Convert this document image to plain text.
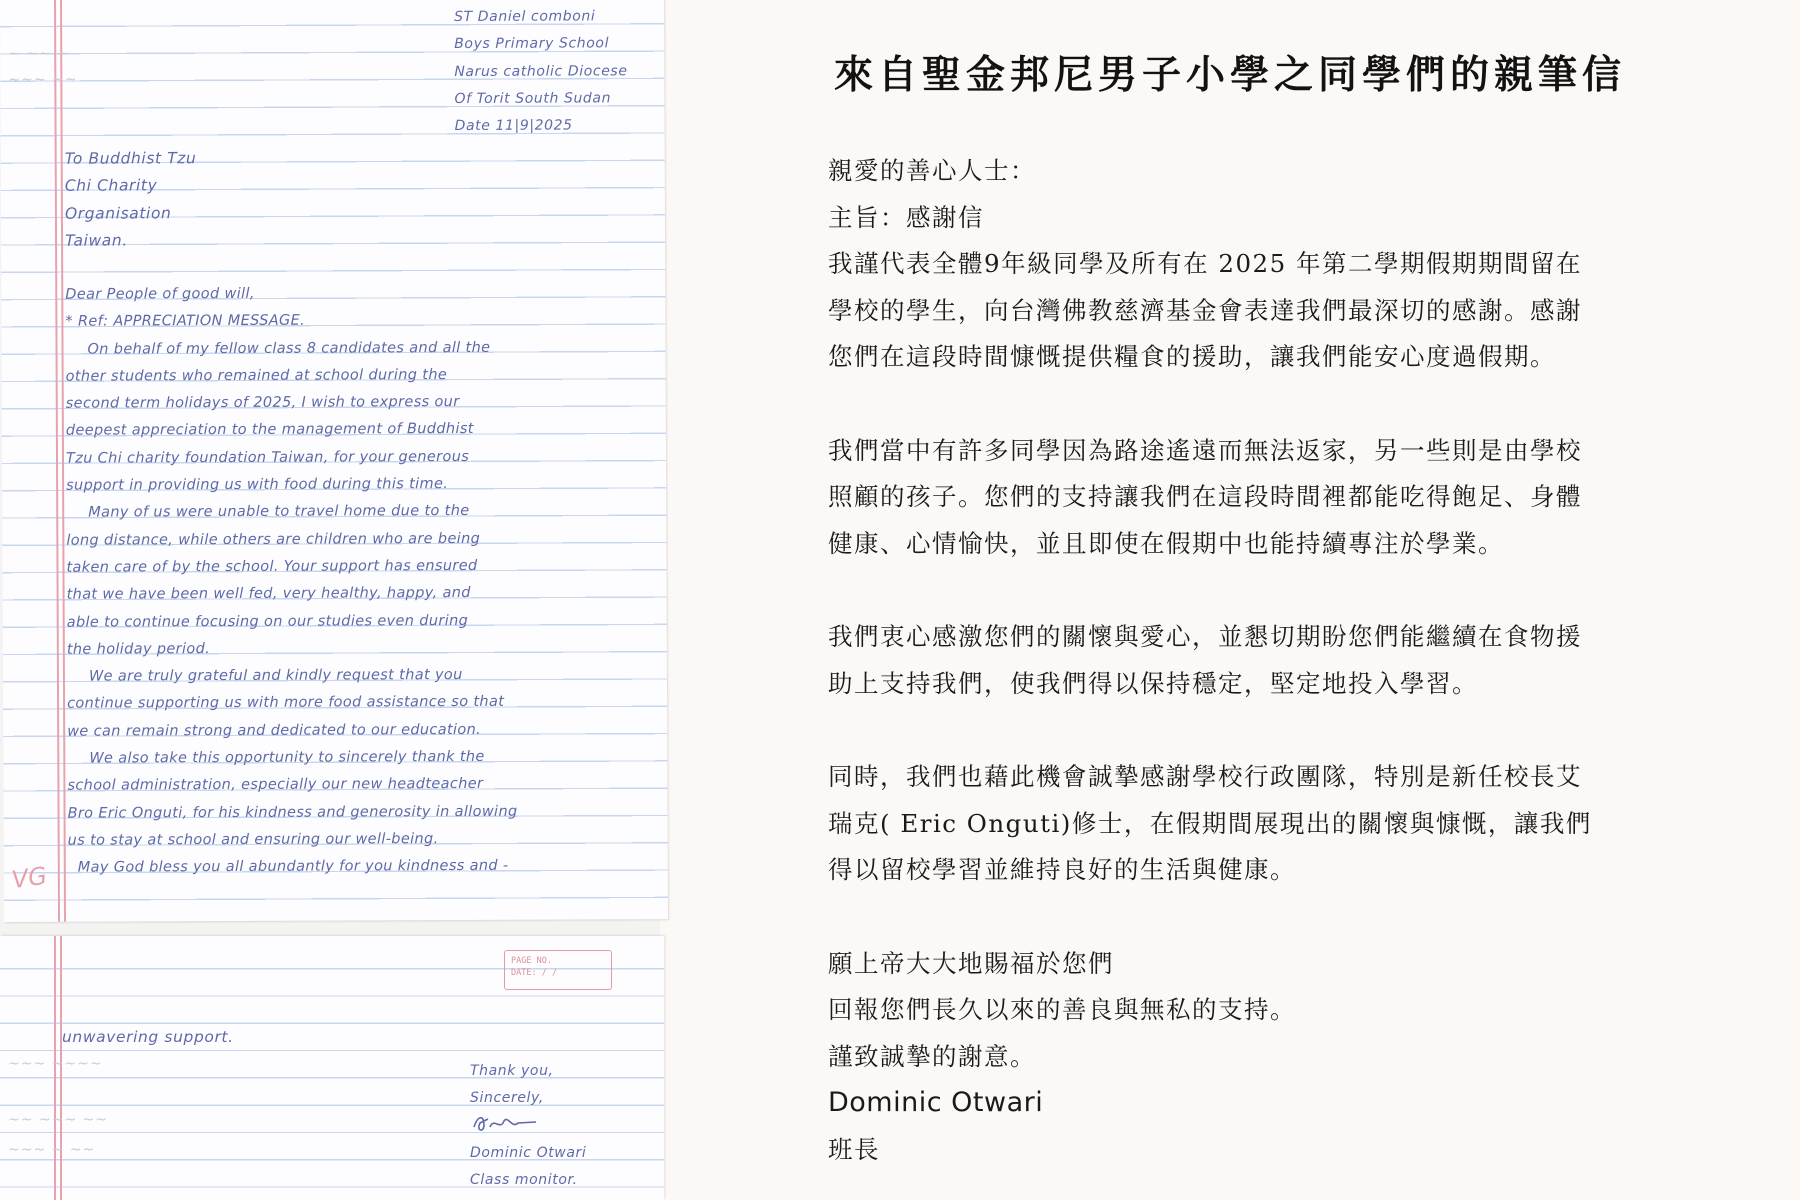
~ ~~ ~
~~~ ~~
ST Daniel comboni
Boys Primary School
Narus catholic Diocese
Of Torit South Sudan
Date 11|9|2025
To Buddhist Tzu
Chi Charity
Organisation
Taiwan.
Dear People of good will,
* Ref: APPRECIATION MESSAGE.
On behalf of my fellow class 8 candidates and all the
other students who remained at school during the
second term holidays of 2025, I wish to express our
deepest appreciation to the management of Buddhist
Tzu Chi charity foundation Taiwan, for your generous
support in providing us with food during this time.
Many of us were unable to travel home due to the
long distance, while others are children who are being
taken care of by the school. Your support has ensured
that we have been well fed, very healthy, happy, and
able to continue focusing on our studies even during
the holiday period.
We are truly grateful and kindly request that you
continue supporting us with more food assistance so that
we can remain strong and dedicated to our education.
We also take this opportunity to sincerely thank the
school administration, especially our new headteacher
Bro Eric Onguti, for his kindness and generosity in allowing
us to stay at school and ensuring our well-being.
May God bless you all abundantly for you kindness and -
VG
PAGE NO.
DATE: / /
~~~ ~~~~
~~ ~~~ ~~
~~~ ~ ~~
unwavering support.
Thank you,
Sincerely,
Dominic Otwari
Class monitor.
來自聖金邦尼男子小學之同學們的親筆信

親愛的善心人士：

主旨：感謝信

我謹代表全體9年級同學及所有在 2025 年第二學期假期期間留在

學校的學生，向台灣佛教慈濟基金會表達我們最深切的感謝。感謝

您們在這段時間慷慨提供糧食的援助，讓我們能安心度過假期。

我們當中有許多同學因為路途遙遠而無法返家，另一些則是由學校

照顧的孩子。您們的支持讓我們在這段時間裡都能吃得飽足、身體

健康、心情愉快，並且即使在假期中也能持續專注於學業。

我們衷心感激您們的關懷與愛心，並懇切期盼您們能繼續在食物援

助上支持我們，使我們得以保持穩定，堅定地投入學習。

同時，我們也藉此機會誠摯感謝學校行政團隊，特別是新任校長艾

瑞克( Eric Onguti)修士，在假期間展現出的關懷與慷慨，讓我們

得以留校學習並維持良好的生活與健康。

願上帝大大地賜福於您們

回報您們長久以來的善良與無私的支持。

謹致誠摯的謝意。

Dominic Otwari

班長
